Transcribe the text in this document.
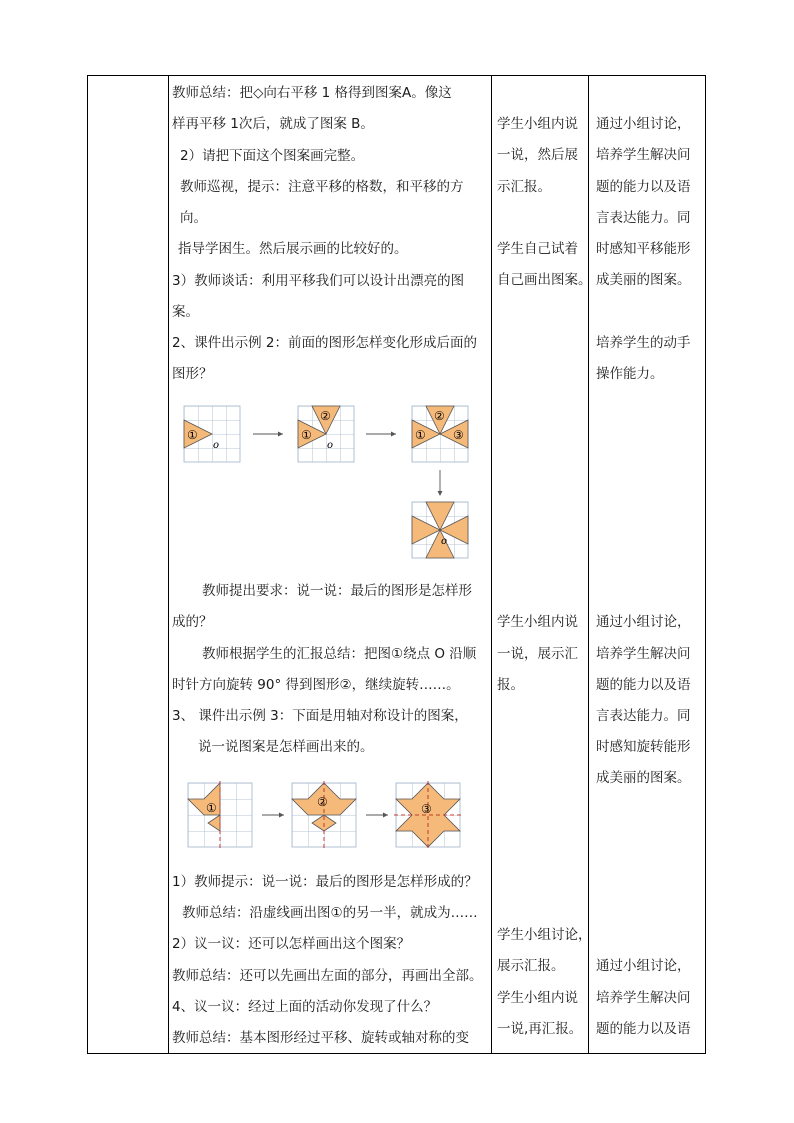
教师总结：把◇向右平移 1 格得到图案A。像这
样再平移 1次后，就成了图案 B。
2）请把下面这个图案画完整。
教师巡视，提示：注意平移的格数，和平移的方
向。
指导学困生。然后展示画的比较好的。
3）教师谈话：利用平移我们可以设计出漂亮的图
案。
2、课件出示例 2：前面的图形怎样变化形成后面的
图形？
①
o
①
②
o
①
②
③
o
教师提出要求：说一说：最后的图形是怎样形
成的？
教师根据学生的汇报总结：把图①绕点 O 沿顺
时针方向旋转 90° 得到图形②，继续旋转……。
3、 课件出示例 3：下面是用轴对称设计的图案，
说一说图案是怎样画出来的。
①	②	③
1）教师提示：说一说：最后的图形是怎样形成的？
教师总结：沿虚线画出图①的另一半，就成为……
2）议一议：还可以怎样画出这个图案？
教师总结：还可以先画出左面的部分，再画出全部。
4、议一议：经过上面的活动你发现了什么？
教师总结：基本图形经过平移、旋转或轴对称的变
学生小组内说
一说，然后展
示汇报。
学生自己试着
自己画出图案。
学生小组内说
一说，展示汇
报。
学生小组讨论，
展示汇报。
学生小组内说
一说,再汇报。
通过小组讨论，
培养学生解决问
题的能力以及语
言表达能力。同
时感知平移能形
成美丽的图案。
培养学生的动手
操作能力。
通过小组讨论，
培养学生解决问
题的能力以及语
言表达能力。同
时感知旋转能形
成美丽的图案。
通过小组讨论，
培养学生解决问
题的能力以及语
